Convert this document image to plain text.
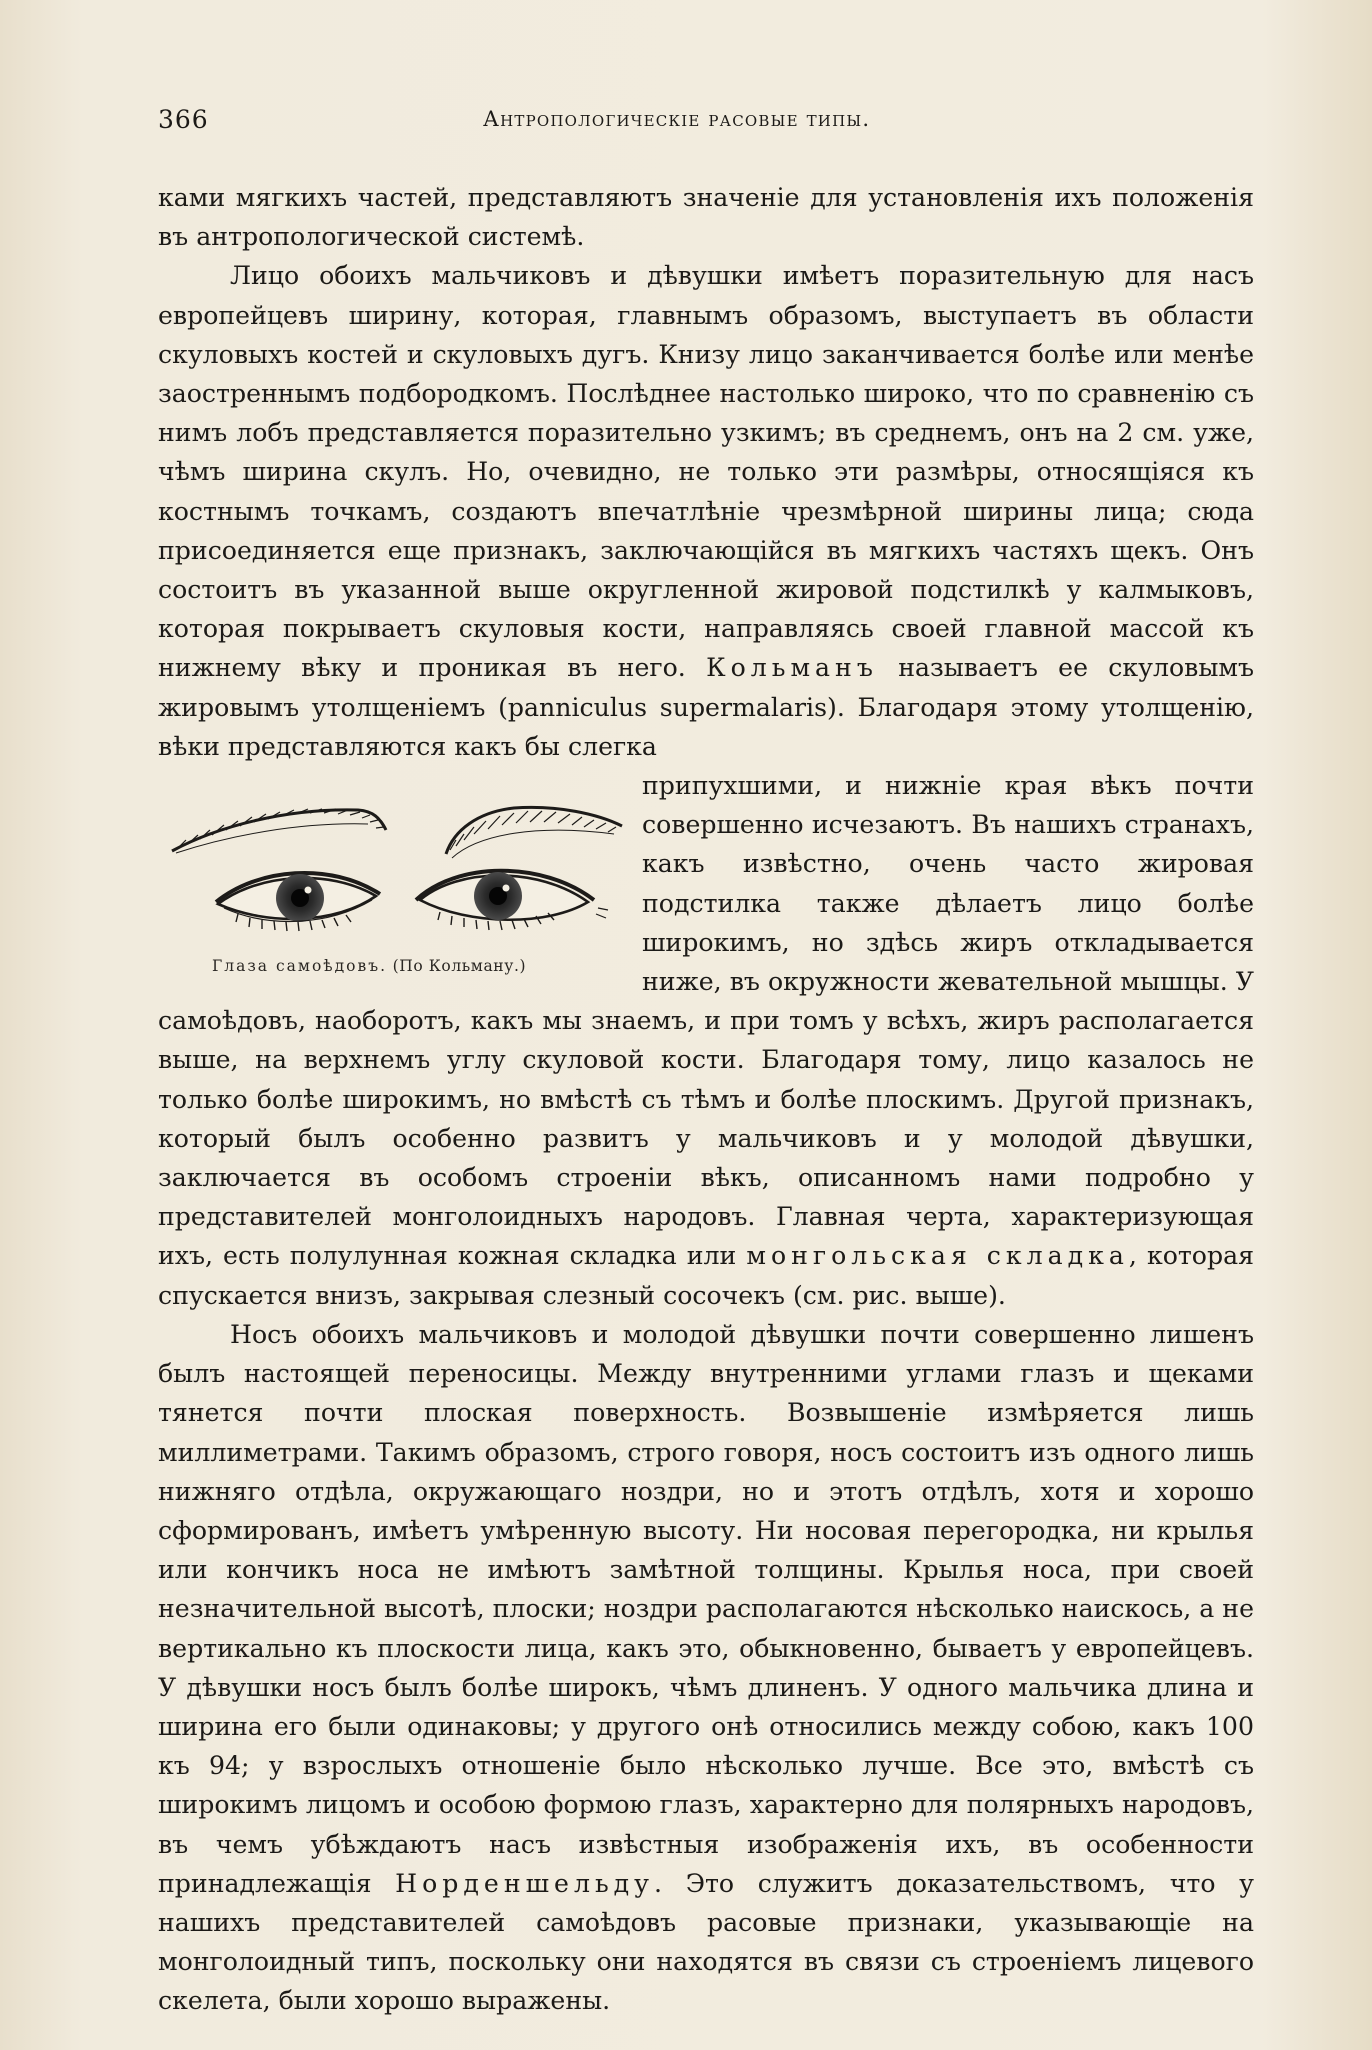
366	Антропологическіе расовые типы.

ками мягкихъ частей, представляютъ значеніе для установленія ихъ положенія въ антропологической системѣ.

Лицо обоихъ мальчиковъ и дѣвушки имѣетъ поразительную для насъ европейцевъ ширину, которая, главнымъ образомъ, выступаетъ въ области скуловыхъ костей и скуловыхъ дугъ. Книзу лицо заканчивается болѣе или менѣе заостреннымъ подбородкомъ. Послѣднее настолько широко, что по сравненію съ нимъ лобъ представляется поразительно узкимъ; въ среднемъ, онъ на 2 см. уже, чѣмъ ширина скулъ. Но, очевидно, не только эти размѣры, относящіяся къ костнымъ точкамъ, создаютъ впечатлѣніе чрезмѣрной ширины лица; сюда присоединяется еще признакъ, заключающійся въ мягкихъ частяхъ щекъ. Онъ состоитъ въ указанной выше округленной жировой подстилкѣ у калмыковъ, которая покрываетъ скуловыя кости, направляясь своей главной массой къ нижнему вѣку и проникая въ него. Кольманъ называетъ ее скуловымъ жировымъ утолщеніемъ (panniculus supermalaris). Благодаря этому утолщенію, вѣки представляются какъ бы слегка

Глаза самоѣдовъ. (По Кольману.)

припухшими, и нижніе края вѣкъ почти совершенно исчезаютъ. Въ нашихъ странахъ, какъ извѣстно, очень часто жировая подстилка также дѣлаетъ лицо болѣе широкимъ, но здѣсь жиръ откладывается ниже, въ окружности жевательной мышцы. У самоѣдовъ, наоборотъ, какъ мы знаемъ, и при томъ у всѣхъ, жиръ располагается выше, на верхнемъ углу скуловой кости. Благодаря тому, лицо казалось не только болѣе широкимъ, но вмѣстѣ съ тѣмъ и болѣе плоскимъ. Другой признакъ, который былъ особенно развитъ у мальчиковъ и у молодой дѣвушки, заключается въ особомъ строеніи вѣкъ, описанномъ нами подробно у представителей монголоидныхъ народовъ. Главная черта, характеризующая ихъ, есть полулунная кожная складка или монгольская складка, которая спускается внизъ, закрывая слезный сосочекъ (см. рис. выше).

Носъ обоихъ мальчиковъ и молодой дѣвушки почти совершенно лишенъ былъ настоящей переносицы. Между внутренними углами глазъ и щеками тянется почти плоская поверхность. Возвышеніе измѣряется лишь миллиметрами. Такимъ образомъ, строго говоря, носъ состоитъ изъ одного лишь нижняго отдѣла, окружающаго ноздри, но и этотъ отдѣлъ, хотя и хорошо сформированъ, имѣетъ умѣренную высоту. Ни носовая перегородка, ни крылья или кончикъ носа не имѣютъ замѣтной толщины. Крылья носа, при своей незначительной высотѣ, плоски; ноздри располагаются нѣсколько наискось, а не вертикально къ плоскости лица, какъ это, обыкновенно, бываетъ у европейцевъ. У дѣвушки носъ былъ болѣе широкъ, чѣмъ длиненъ. У одного мальчика длина и ширина его были одинаковы; у другого онѣ относились между собою, какъ 100 къ 94; у взрослыхъ отношеніе было нѣсколько лучше. Все это, вмѣстѣ съ широкимъ лицомъ и особою формою глазъ, характерно для полярныхъ народовъ, въ чемъ убѣждаютъ насъ извѣстныя изображенія ихъ, въ особенности принадлежащія Норденшельду. Это служитъ доказательствомъ, что у нашихъ представителей самоѣдовъ расовые признаки, указывающіе на монголоидный типъ, поскольку они находятся въ связи съ строеніемъ лицевого скелета, были хорошо выражены.
